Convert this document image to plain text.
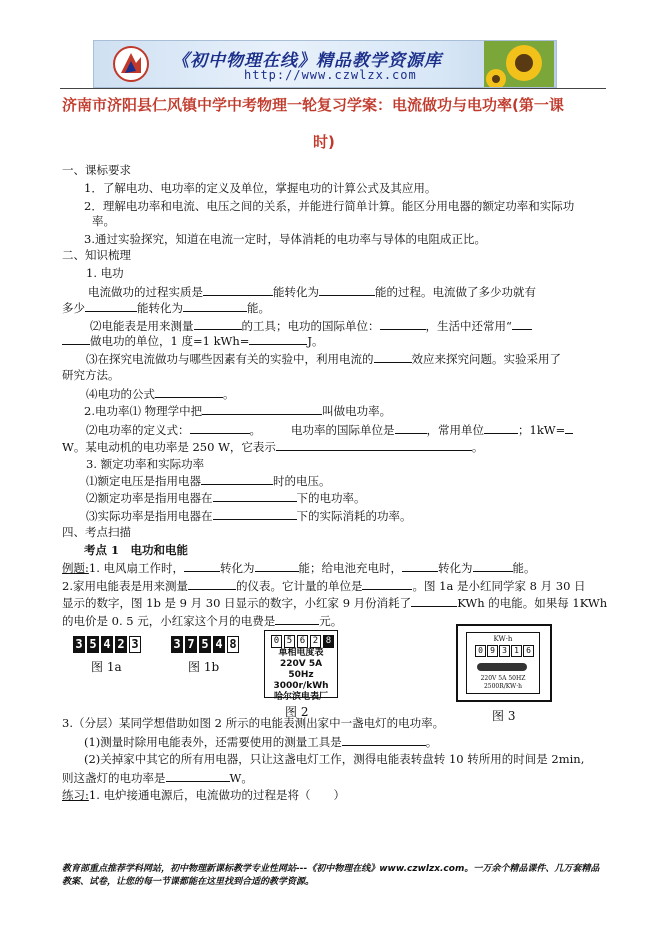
《初中物理在线》精品教学资源库
http://www.czwlzx.com
济南市济阳县仁风镇中学中考物理一轮复习学案：电流做功与电功率(第一课
时)
一、课标要求
1．了解电功、电功率的定义及单位，掌握电功的计算公式及其应用。
2．理解电功率和电流、电压之间的关系，并能进行简单计算。能区分用电器的额定功率和实际功
率。
3.通过实验探究，知道在电流一定时，导体消耗的电功率与导体的电阻成正比。
二、知识梳理
1. 电功
电流做功的过程实质是	能转化为	能的过程。电流做了多少功就有
多少	能转化为	能。
⑵电能表是用来测量	的工具；电功的国际单位：	，生活中还常用“
做电功的单位，1 度=1 kWh=	J。
⑶在探究电流做功与哪些因素有关的实验中，利用电流的	效应来探究问题。实验采用了
研究方法。
⑷电功的公式	。
2.电功率⑴ 物理学中把	叫做电功率。
⑵电功率的定义式：	。	电功率的国际单位是	，常用单位	；1kW=
W。某电动机的电功率是 250 W，它表示	。
3. 额定功率和实际功率
⑴额定电压是指用电器	时的电压。
⑵额定功率是指用电器在	下的电功率。
⑶实际功率是指用电器在	下的实际消耗的功率。
四、考点扫描
考点 1　电功和电能
例题:1. 电风扇工作时，	转化为	能；给电池充电时，	转化为	能。
2.家用电能表是用来测量	的仪表。它计量的单位是	。图 1a 是小红同学家 8 月 30 日
显示的数字，图 1b 是 9 月 30 日显示的数字，小红家 9 月份消耗了	KWh 的电能。如果每 1KWh
的电价是 0. 5 元，小红家这个月的电费是	元。
3 5 4 2 3
图 1a
3 7 5 4 8
图 1b
0 5 6 2 8
单相电度表
220V 5A 50Hz
3000r/kWh
哈尔滨电表厂
图 2
KW·h
0 9 3 1 6
220V 5A 50HZ
2500R/KW·h
图 3
3.（分层）某同学想借助如图 2 所示的电能表测出家中一盏电灯的电功率。
(1)测量时除用电能表外，还需要使用的测量工具是	。
(2)关掉家中其它的所有用电器，只让这盏电灯工作，测得电能表转盘转 10 转所用的时间是 2min,
则这盏灯的电功率是	W。
练习:1. 电炉接通电源后，电流做功的过程是将（　　）
教育部重点推荐学科网站，初中物理新课标教学专业性网站---《初中物理在线》www.czwlzx.com。一万余个精品课件、几万套精品教案、试卷，让您的每一节课都能在这里找到合适的教学资源。
